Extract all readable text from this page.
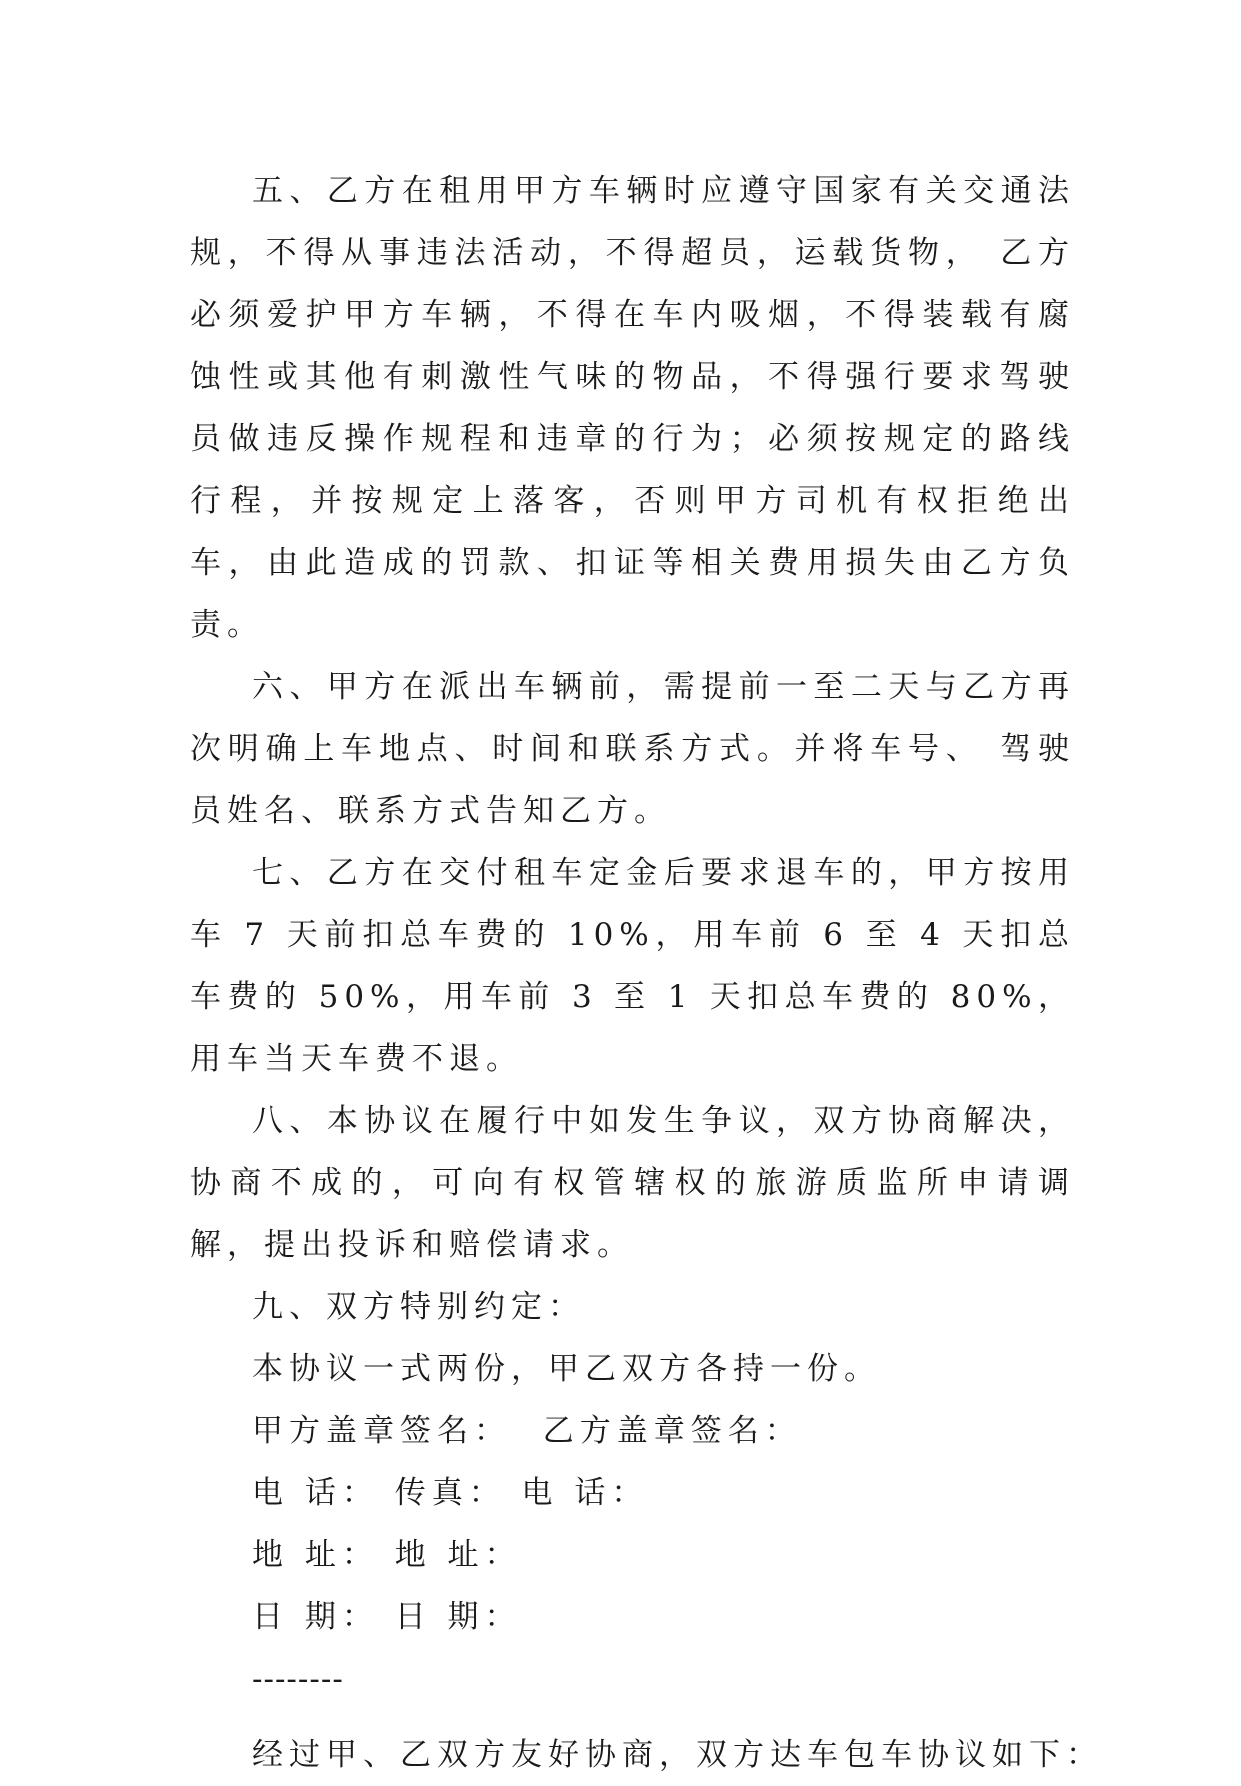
五、乙方在租用甲方车辆时应遵守国家有关交通法规，不得从事违法活动，不得超员，运载货物， 乙方必须爱护甲方车辆，不得在车内吸烟，不得装载有腐蚀性或其他有刺激性气味的物品，不得强行要求驾驶员做违反操作规程和违章的行为；必须按规定的路线行程，并按规定上落客，否则甲方司机有权拒绝出车，由此造成的罚款、扣证等相关费用损失由乙方负责。

六、甲方在派出车辆前，需提前一至二天与乙方再次明确上车地点、时间和联系方式。并将车号、 驾驶员姓名、联系方式告知乙方。

七、乙方在交付租车定金后要求退车的，甲方按用车 7 天前扣总车费的 10%，用车前 6 至 4 天扣总车费的 50%，用车前 3 至 1 天扣总车费的 80%，用车当天车费不退。

八、本协议在履行中如发生争议，双方协商解决，协商不成的，可向有权管辖权的旅游质监所申请调解，提出投诉和赔偿请求。

九、双方特别约定：

本协议一式两份，甲乙双方各持一份。

甲方盖章签名：  乙方盖章签名：

电 话： 传真： 电 话：

地 址： 地 址：

日 期： 日 期：

--------

经过甲、乙双方友好协商，双方达车包车协议如下：
